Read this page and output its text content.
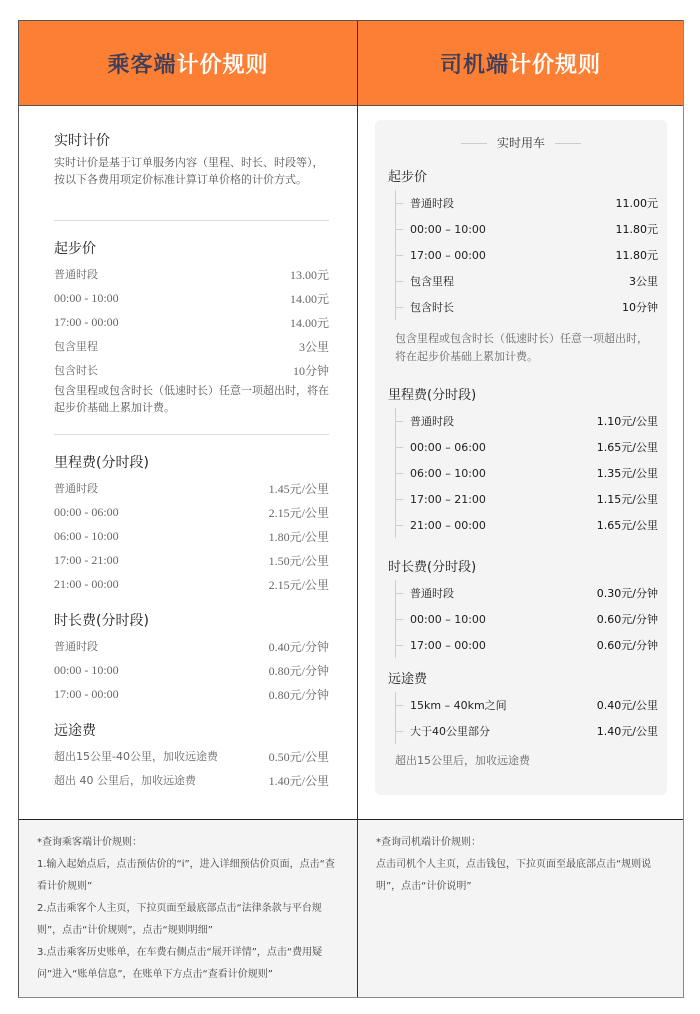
乘客端 计价规则	司机端 计价规则
实时计价
实时计价是基于订单服务内容（里程、时长、时段等），按以下各费用项定价标准计算订单价格的计价方式。
起步价
普通时段	13.00元
00:00 - 10:00	14.00元
17:00 - 00:00	14.00元
包含里程	3公里
包含时长	10分钟
包含里程或包含时长（低速时长）任意一项超出时，将在起步价基础上累加计费。
里程费(分时段)
普通时段	1.45元/公里
00:00 - 06:00	2.15元/公里
06:00 - 10:00	1.80元/公里
17:00 - 21:00	1.50元/公里
21:00 - 00:00	2.15元/公里
时长费(分时段)
普通时段	0.40元/分钟
00:00 - 10:00	0.80元/分钟
17:00 - 00:00	0.80元/分钟
远途费
超出15公里-40公里，加收远途费	0.50元/公里
超出 40 公里后，加收远途费	1.40元/公里
实时用车
起步价
普通时段	11.00元
00:00 – 10:00	11.80元
17:00 – 00:00	11.80元
包含里程	3公里
包含时长	10分钟
包含里程或包含时长（低速时长）任意一项超出时，将在起步价基础上累加计费。
里程费(分时段)
普通时段	1.10元/公里
00:00 – 06:00	1.65元/公里
06:00 – 10:00	1.35元/公里
17:00 – 21:00	1.15元/公里
21:00 – 00:00	1.65元/公里
时长费(分时段)
普通时段	0.30元/分钟
00:00 – 10:00	0.60元/分钟
17:00 – 00:00	0.60元/分钟
远途费
15km – 40km之间	0.40元/公里
大于40公里部分	1.40元/公里
超出15公里后，加收远途费
*查询乘客端计价规则：
1.输入起始点后，点击预估价的“i”，进入详细预估价页面，点击“查看计价规则”
2.点击乘客个人主页，下拉页面至最底部点击“法律条款与平台规则”，点击“计价规则”，点击“规则明细”
3.点击乘客历史账单，在车费右侧点击“展开详情”，点击“费用疑问”进入“账单信息”，在账单下方点击“查看计价规则”
*查询司机端计价规则：
点击司机个人主页，点击钱包，下拉页面至最底部点击“规则说明”，点击“计价说明”
